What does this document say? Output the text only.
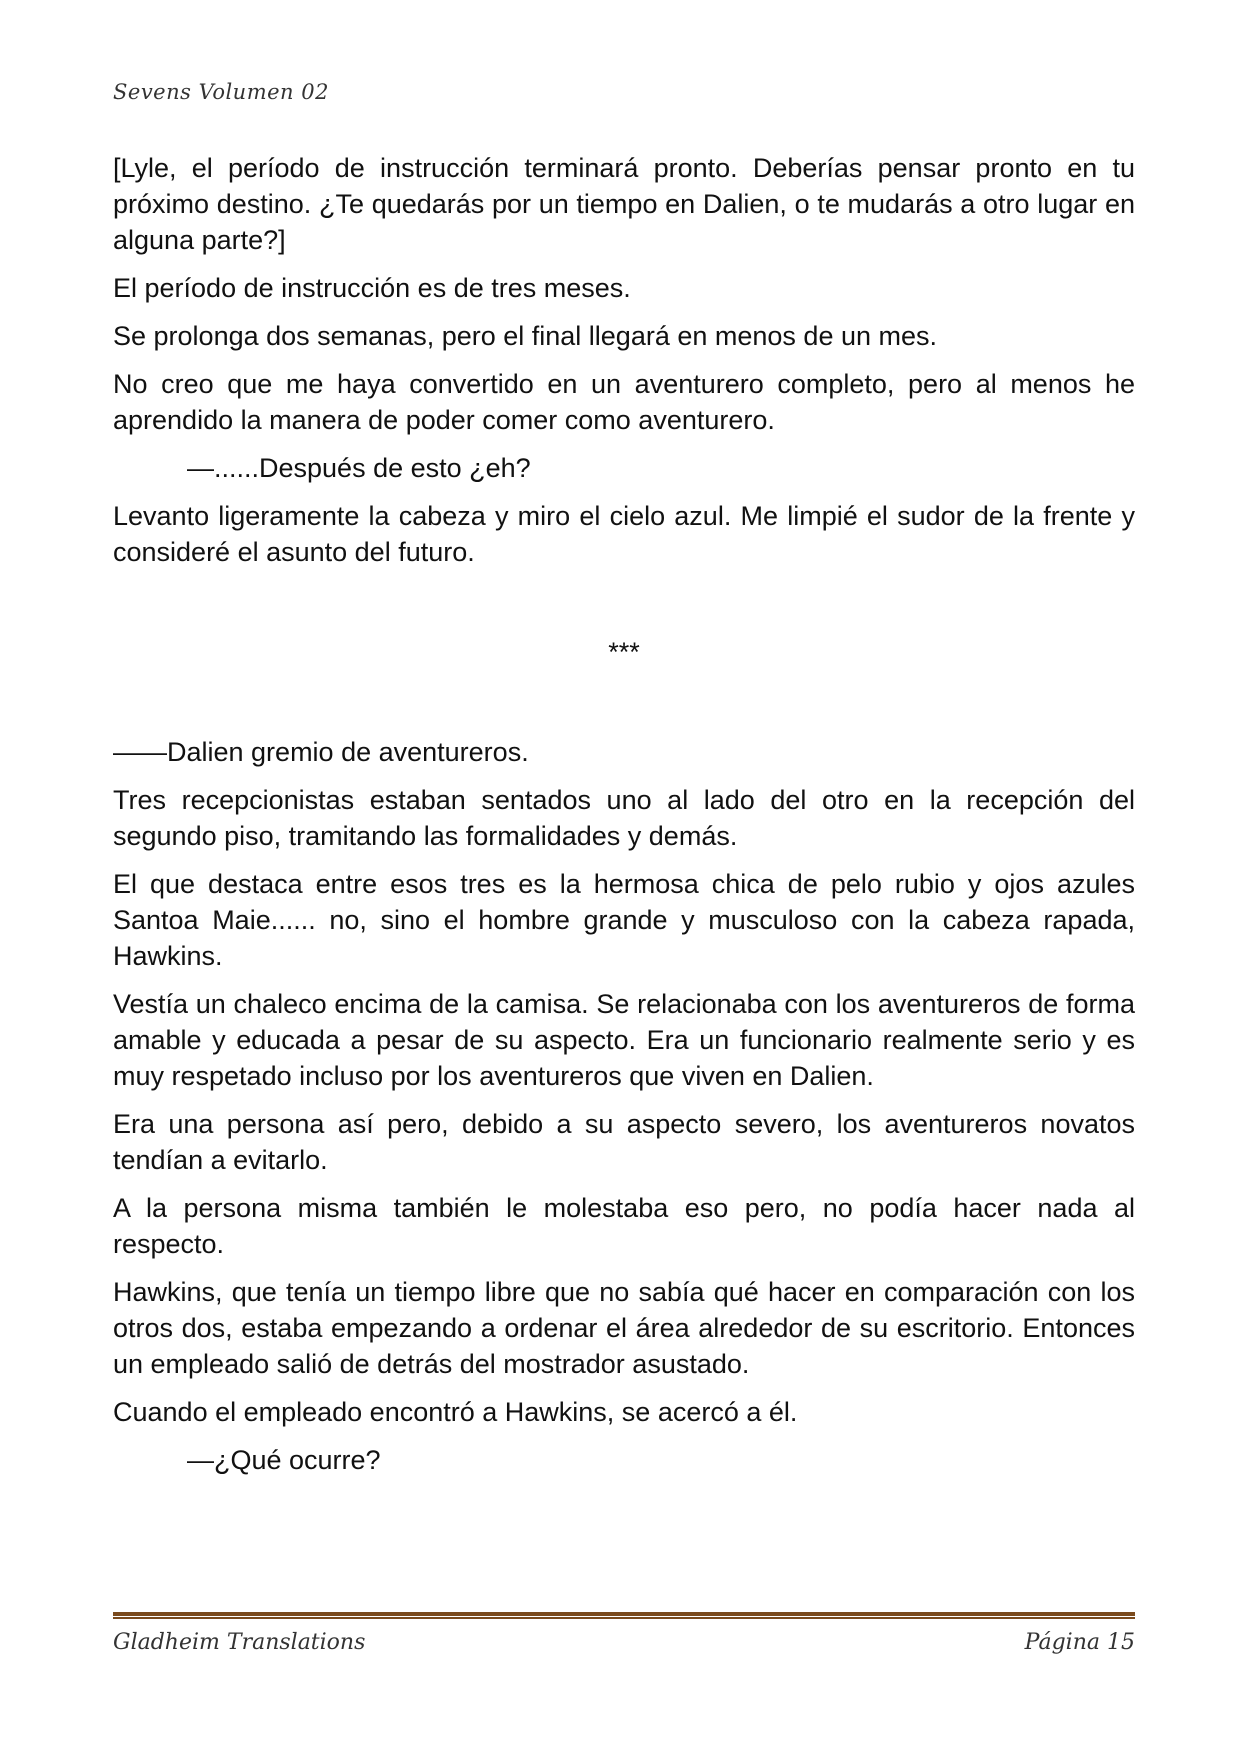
Sevens Volumen 02

[Lyle, el período de instrucción terminará pronto. Deberías pensar pronto en tu próximo destino. ¿Te quedarás por un tiempo en Dalien, o te mudarás a otro lugar en alguna parte?]

El período de instrucción es de tres meses.

Se prolonga dos semanas, pero el final llegará en menos de un mes.

No creo que me haya convertido en un aventurero completo, pero al menos he aprendido la manera de poder comer como aventurero.

—......Después de esto ¿eh?

Levanto ligeramente la cabeza y miro el cielo azul. Me limpié el sudor de la frente y consideré el asunto del futuro.

***

——Dalien gremio de aventureros.

Tres recepcionistas estaban sentados uno al lado del otro en la recepción del segundo piso, tramitando las formalidades y demás.

El que destaca entre esos tres es la hermosa chica de pelo rubio y ojos azules Santoa Maie...... no, sino el hombre grande y musculoso con la cabeza rapada, Hawkins.

Vestía un chaleco encima de la camisa. Se relacionaba con los aventureros de forma amable y educada a pesar de su aspecto. Era un funcionario realmente serio y es muy respetado incluso por los aventureros que viven en Dalien.

Era una persona así pero, debido a su aspecto severo, los aventureros novatos tendían a evitarlo.

A la persona misma también le molestaba eso pero, no podía hacer nada al respecto.

Hawkins, que tenía un tiempo libre que no sabía qué hacer en comparación con los otros dos, estaba empezando a ordenar el área alrededor de su escritorio. Entonces un empleado salió de detrás del mostrador asustado.

Cuando el empleado encontró a Hawkins, se acercó a él.

—¿Qué ocurre?

Gladheim Translations	Página 15
